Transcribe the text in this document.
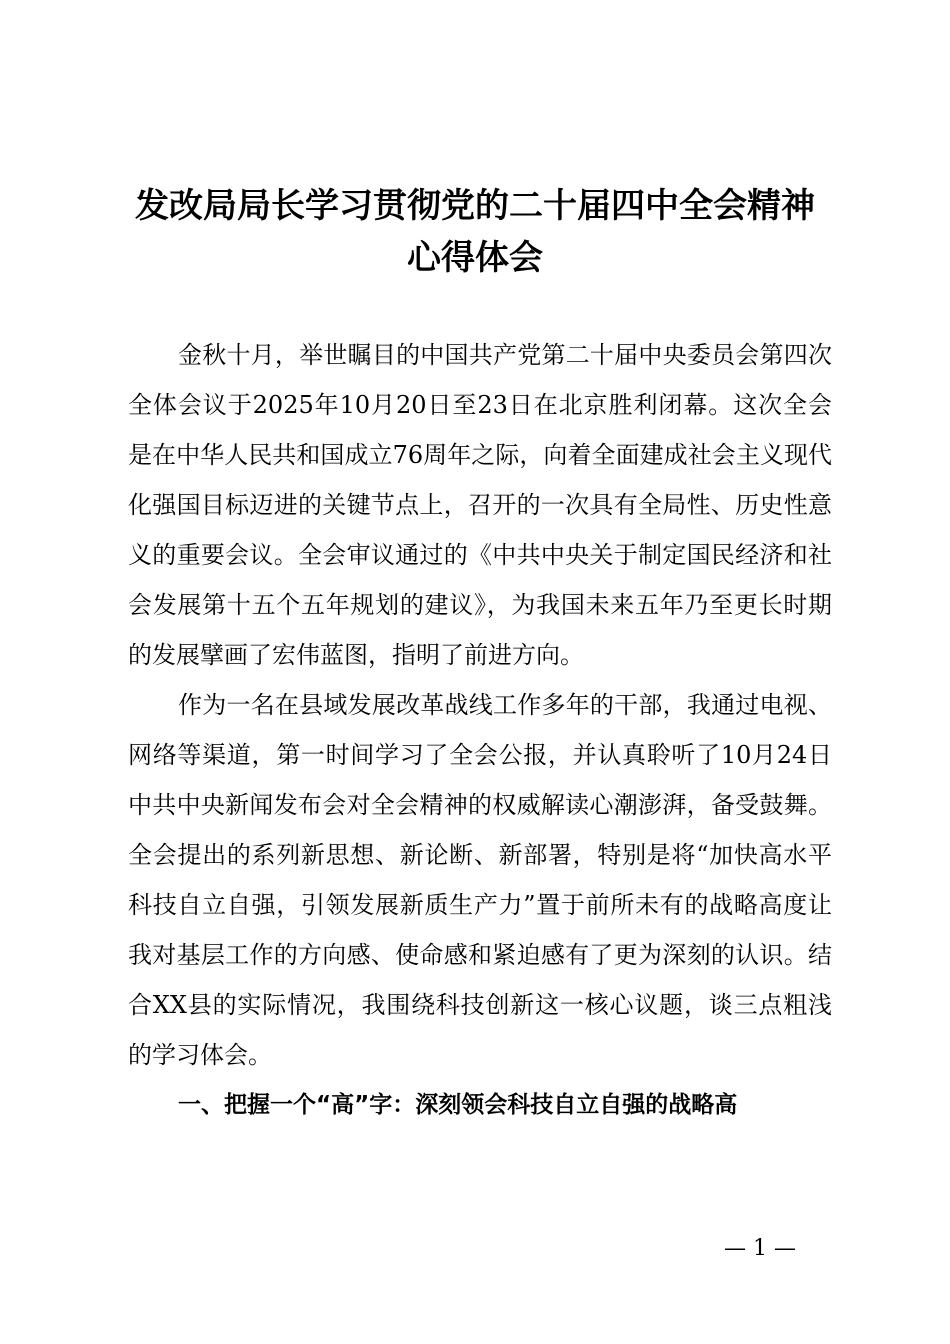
发改局局长学习贯彻党的二十届四中全会精神
心得体会

金秋十月，举世瞩目的中国共产党第二十届中央委员会第四次全体会议于2025年10月20日至23日在北京胜利闭幕。这次全会是在中华人民共和国成立76周年之际，向着全面建成社会主义现代化强国目标迈进的关键节点上，召开的一次具有全局性、历史性意义的重要会议。全会审议通过的《中共中央关于制定国民经济和社会发展第十五个五年规划的建议》，为我国未来五年乃至更长时期的发展擘画了宏伟蓝图，指明了前进方向。

作为一名在县域发展改革战线工作多年的干部，我通过电视、网络等渠道，第一时间学习了全会公报，并认真聆听了10月24日中共中央新闻发布会对全会精神的权威解读心潮澎湃，备受鼓舞。全会提出的系列新思想、新论断、新部署，特别是将“加快高水平科技自立自强，引领发展新质生产力”置于前所未有的战略高度让我对基层工作的方向感、使命感和紧迫感有了更为深刻的认识。结合XX县的实际情况，我围绕科技创新这一核心议题，谈三点粗浅的学习体会。

一、把握一个“高”字：深刻领会科技自立自强的战略高

— 1 —
